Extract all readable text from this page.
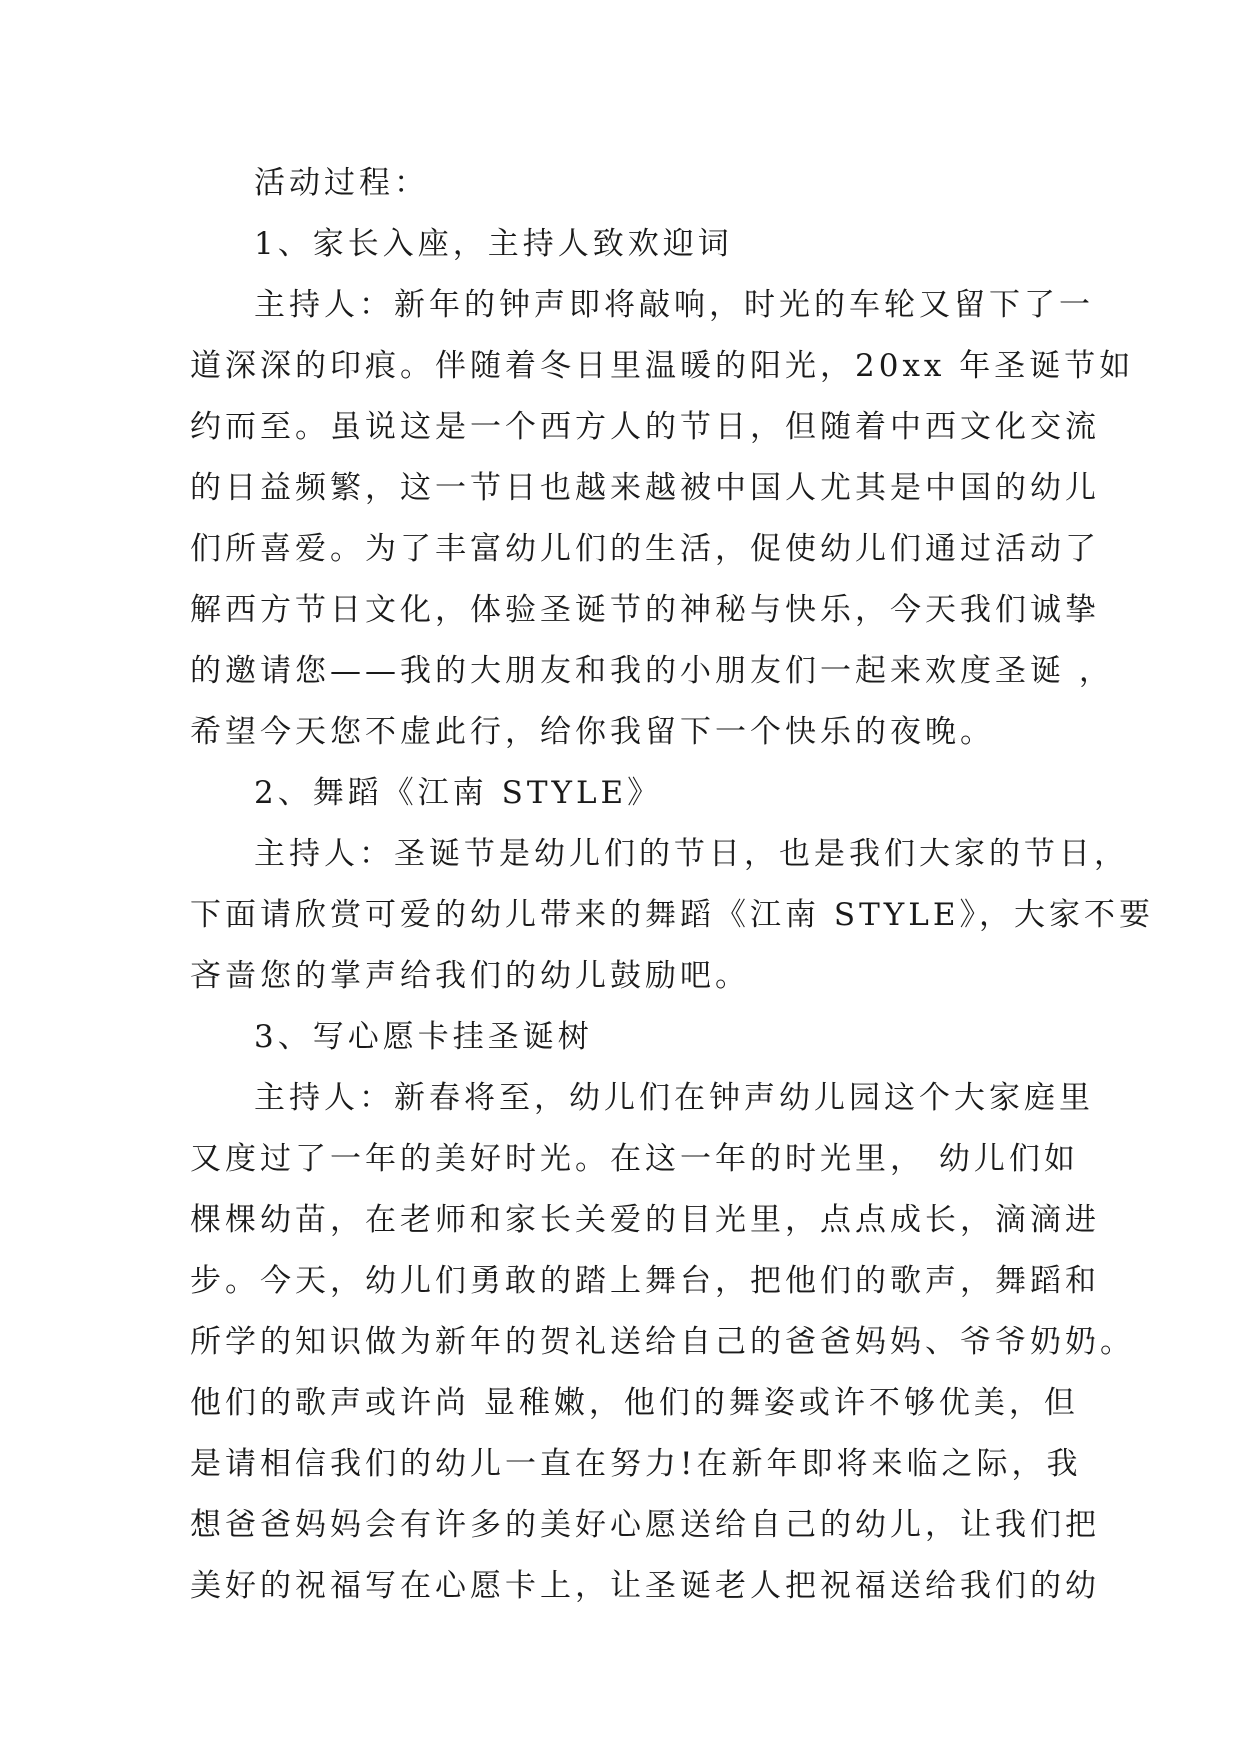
活动过程：
1、家长入座，主持人致欢迎词
主持人：新年的钟声即将敲响，时光的车轮又留下了一
道深深的印痕。伴随着冬日里温暖的阳光，20xx 年圣诞节如
约而至。虽说这是一个西方人的节日，但随着中西文化交流
的日益频繁，这一节日也越来越被中国人尤其是中国的幼儿
们所喜爱。为了丰富幼儿们的生活，促使幼儿们通过活动了
解西方节日文化，体验圣诞节的神秘与快乐，今天我们诚挚
的邀请您——我的大朋友和我的小朋友们一起来欢度圣诞 ，
希望今天您不虚此行，给你我留下一个快乐的夜晚。
2、舞蹈《江南 STYLE》
主持人：圣诞节是幼儿们的节日，也是我们大家的节日，
下面请欣赏可爱的幼儿带来的舞蹈《江南 STYLE》，大家不要
吝啬您的掌声给我们的幼儿鼓励吧。
3、写心愿卡挂圣诞树
主持人：新春将至，幼儿们在钟声幼儿园这个大家庭里
又度过了一年的美好时光。在这一年的时光里， 幼儿们如
棵棵幼苗，在老师和家长关爱的目光里，点点成长，滴滴进
步。今天，幼儿们勇敢的踏上舞台，把他们的歌声，舞蹈和
所学的知识做为新年的贺礼送给自己的爸爸妈妈、爷爷奶奶。
他们的歌声或许尚 显稚嫩，他们的舞姿或许不够优美，但
是请相信我们的幼儿一直在努力!在新年即将来临之际，我
想爸爸妈妈会有许多的美好心愿送给自己的幼儿，让我们把
美好的祝福写在心愿卡上，让圣诞老人把祝福送给我们的幼
